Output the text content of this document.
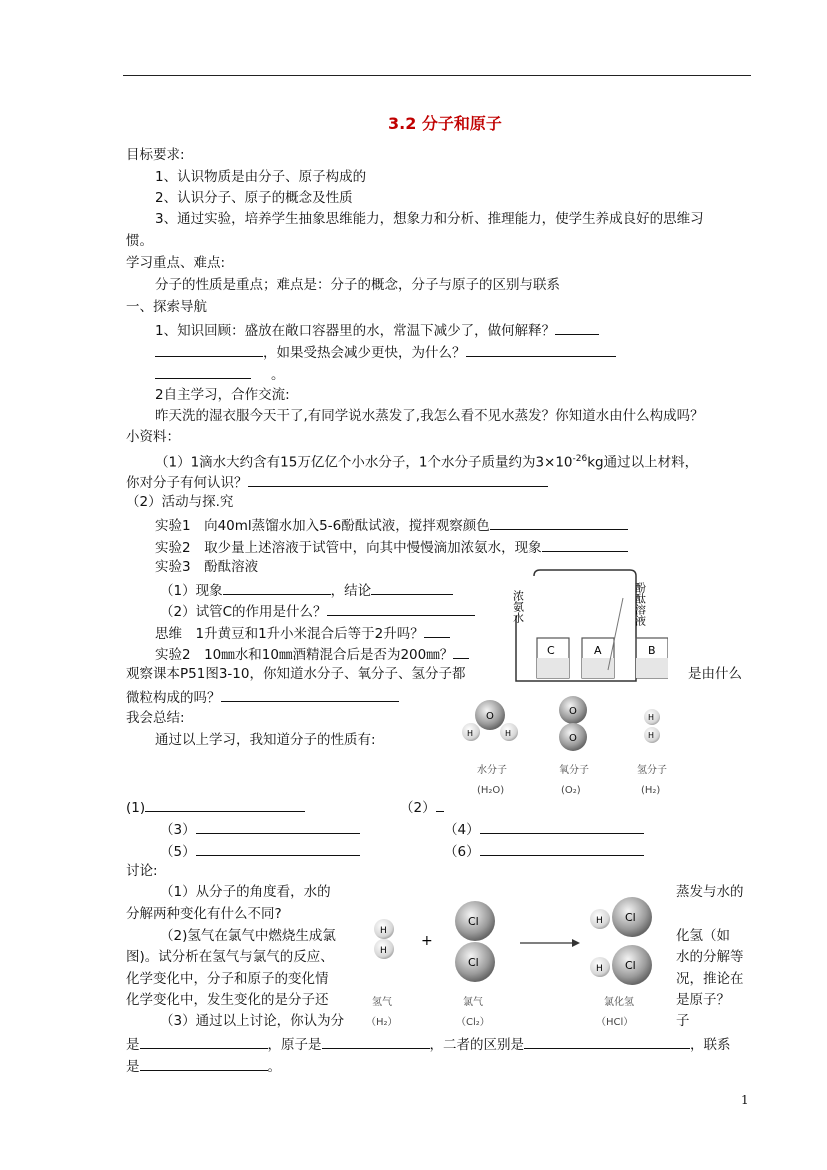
3.2 分子和原子
目标要求:
1、认识物质是由分子、原子构成的
2、认识分子、原子的概念及性质
3、通过实验，培养学生抽象思维能力，想象力和分析、推理能力，使学生养成良好的思维习
惯。
学习重点、难点:
分子的性质是重点；难点是：分子的概念，分子与原子的区别与联系
一、探索导航
1、知识回顾：盛放在敞口容器里的水，常温下减少了，做何解释？
，如果受热会减少更快，为什么？
。
2自主学习，合作交流:
昨天洗的湿衣服今天干了,有同学说水蒸发了,我怎么看不见水蒸发？你知道水由什么构成吗？
小资料：
（1）1滴水大约含有15万亿亿个小水分子，1个水分子质量约为$3\times 10^{-26}kg$通过以上材料，
你对分子有何认识？
（2）活动与探.究
实验1　向40ml蒸馏水加入5-6酚酞试液，搅拌观察颜色
实验2　取少量上述溶液于试管中，向其中慢慢滴加浓氨水，现象
实验3　酚酞溶液
（1）现象	，结论
（2）试管C的作用是什么？
思维　1升黄豆和1升小米混合后等于2升吗？
实验2　10㎜水和10㎜酒精混合后是否为200㎜？
观察课本P51图3-10，你知道水分子、氧分子、氢分子都	是由什么
微粒构成的吗？
C	A	B
浓氨水	酚酞溶液
O
H	H
O
O
H
H
水分子
(H₂O)
氧分子
(O₂)
氢分子
(H₂)
我会总结:
通过以上学习，我知道分子的性质有:
(1)	（2）
（3）	（4）
（5）	（6）
讨论:
（1）从分子的角度看，水的	蒸发与水的
分解两种变化有什么不同?
（2)氢气在氯气中燃烧生成氯	化氢（如
图)。试分析在氢气与氯气的反应、	水的分解等
化学变化中，分子和原子的变化情	况，推论在
化学变化中，发生变化的是分子还	是原子？
（3）通过以上讨论，你认为分	子
是	，原子是	，二者的区别是	，联系
是	。
H
H
+
Cl
Cl
H Cl
H Cl
氢气
（H₂）
氯气
（Cl₂）
氯化氢
（HCl）
1
